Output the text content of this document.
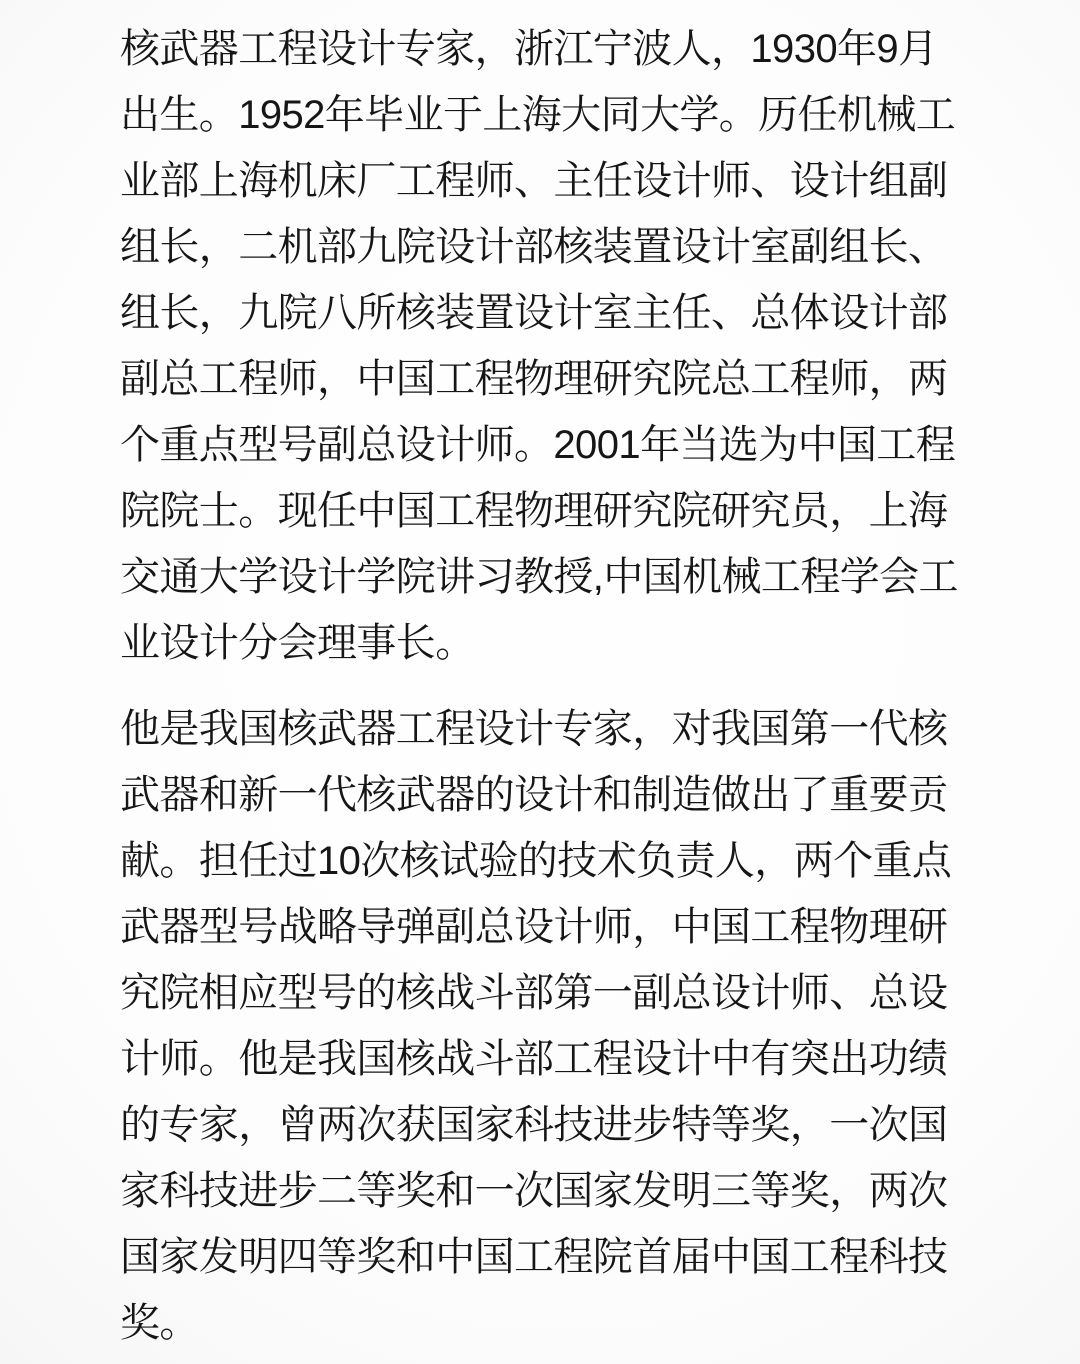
核武器工程设计专家，浙江宁波人，1930年9月
出生。1952年毕业于上海大同大学。历任机械工
业部上海机床厂工程师、主任设计师、设计组副
组长，二机部九院设计部核装置设计室副组长、
组长，九院八所核装置设计室主任、总体设计部
副总工程师，中国工程物理研究院总工程师，两
个重点型号副总设计师。2001年当选为中国工程
院院士。现任中国工程物理研究院研究员，上海
交通大学设计学院讲习教授,中国机械工程学会工
业设计分会理事长。
他是我国核武器工程设计专家，对我国第一代核
武器和新一代核武器的设计和制造做出了重要贡
献。担任过10次核试验的技术负责人，两个重点
武器型号战略导弹副总设计师，中国工程物理研
究院相应型号的核战斗部第一副总设计师、总设
计师。他是我国核战斗部工程设计中有突出功绩
的专家，曾两次获国家科技进步特等奖，一次国
家科技进步二等奖和一次国家发明三等奖，两次
国家发明四等奖和中国工程院首届中国工程科技
奖。
